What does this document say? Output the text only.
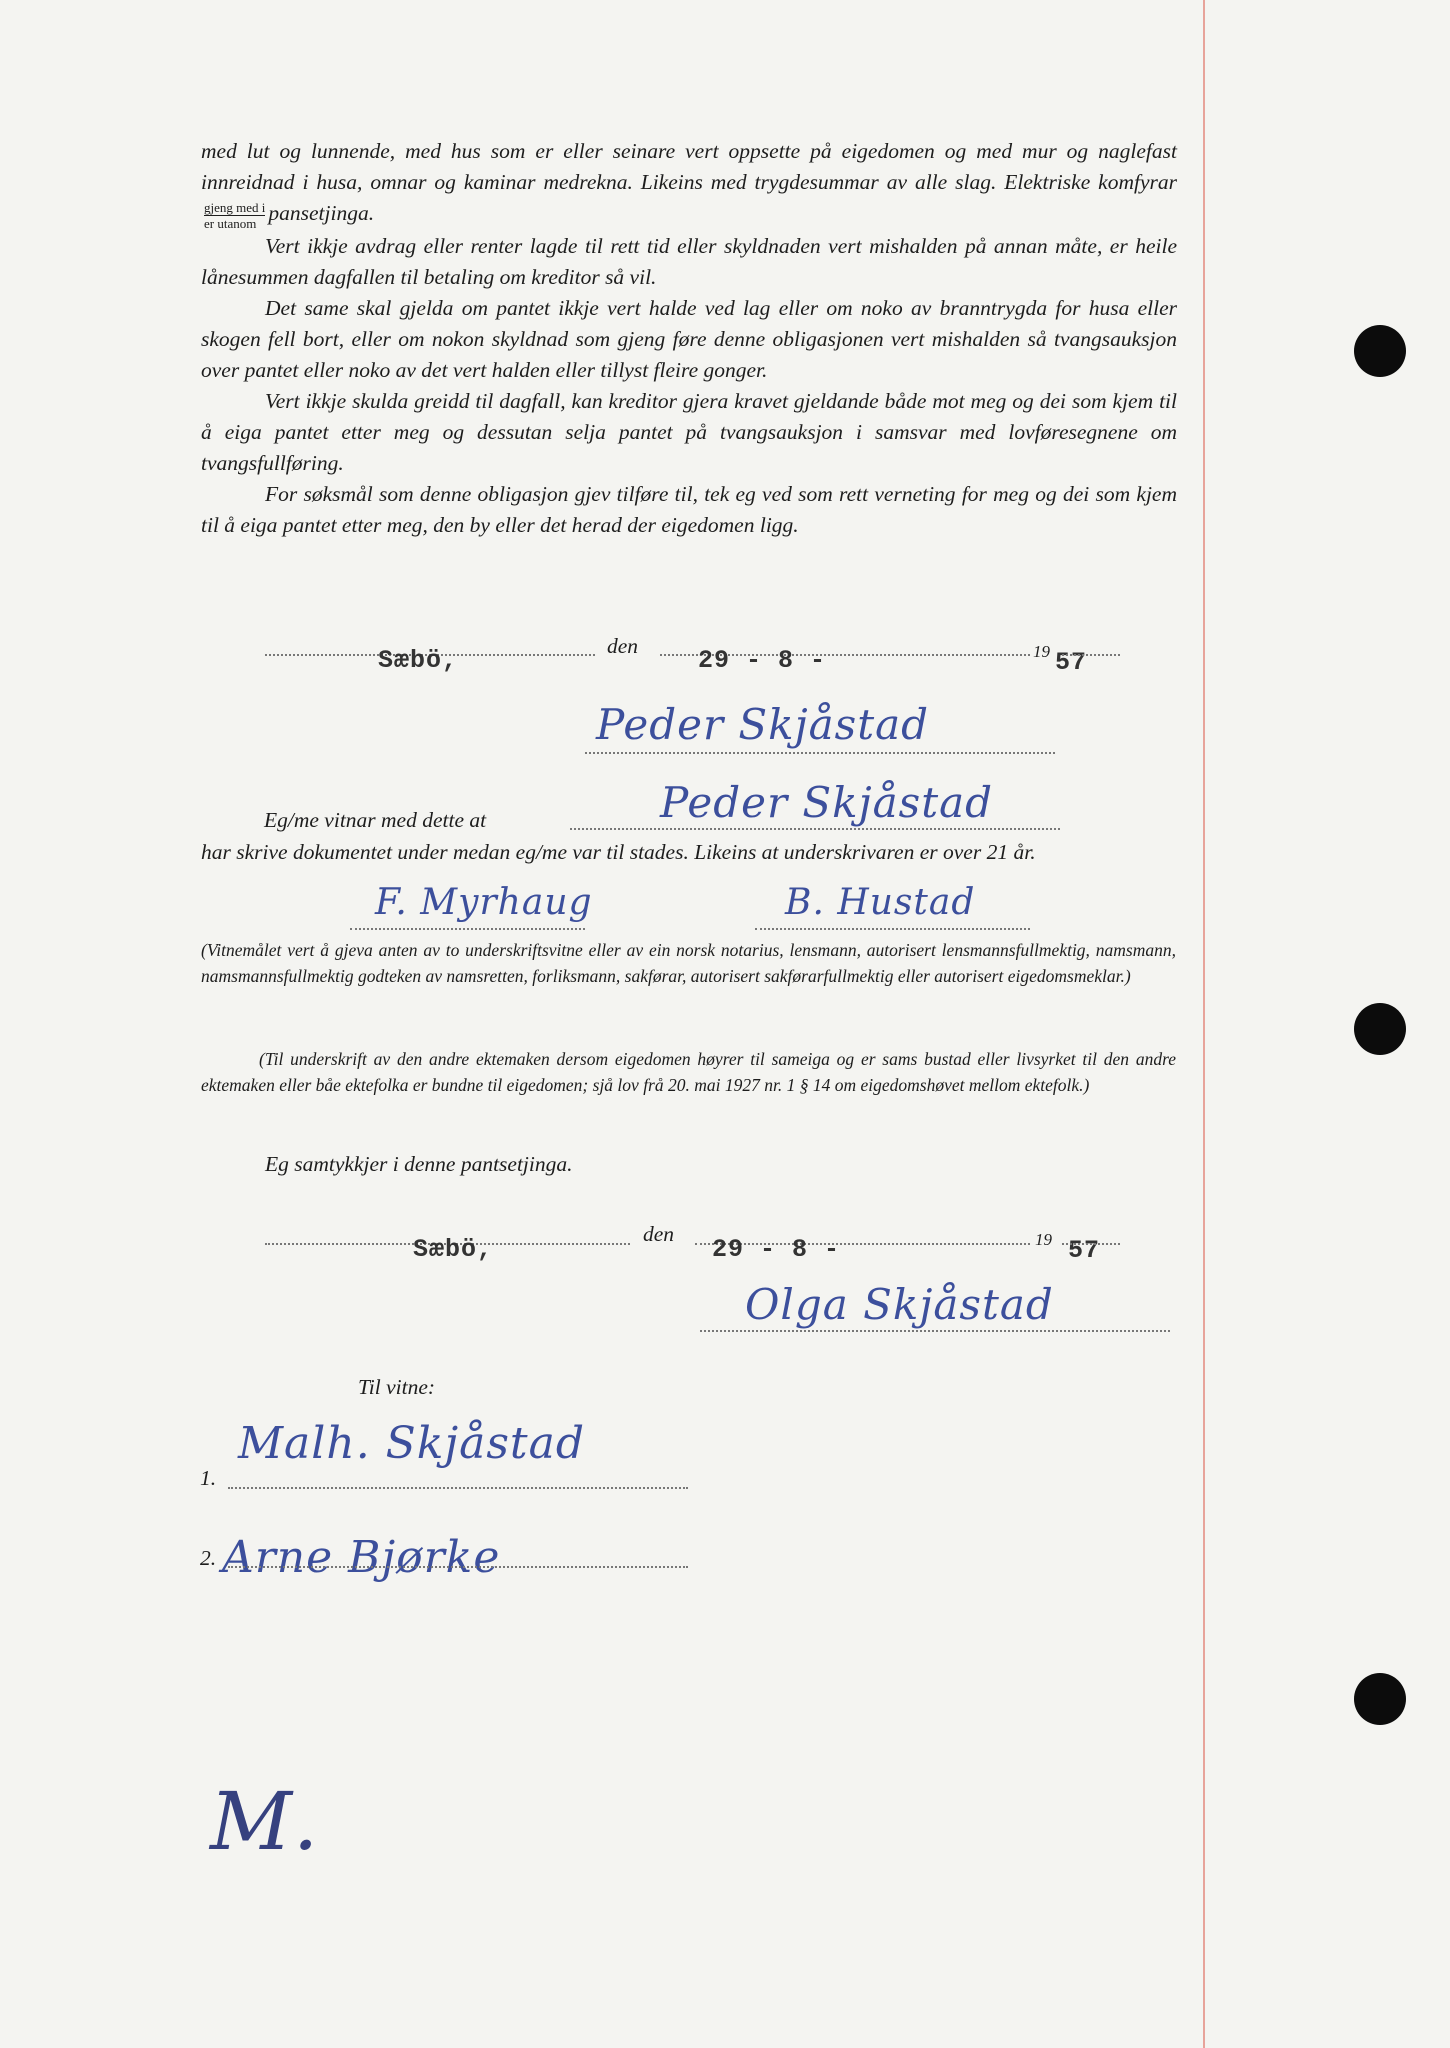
med lut og lunnende, med hus som er eller seinare vert oppsette på eigedomen og med mur og naglefast innreidnad i husa, omnar og kaminar medrekna. Likeins med trygdesummar av alle slag. Elektriske komfyrar
$\frac{\text{gjeng med i}}{\text{er utanom}}$ pansetjinga.

Vert ikkje avdrag eller renter lagde til rett tid eller skyldnaden vert mishalden på annan måte, er heile lånesummen dagfallen til betaling om kreditor så vil.

Det same skal gjelda om pantet ikkje vert halde ved lag eller om noko av branntrygda for husa eller skogen fell bort, eller om nokon skyldnad som gjeng føre denne obligasjonen vert mishalden så tvangsauksjon over pantet eller noko av det vert halden eller tillyst fleire gonger.

Vert ikkje skulda greidd til dagfall, kan kreditor gjera kravet gjeldande både mot meg og dei som kjem til å eiga pantet etter meg og dessutan selja pantet på tvangsauksjon i samsvar med lovføresegnene om tvangsfullføring.

For søksmål som denne obligasjon gjev tilføre til, tek eg ved som rett verneting for meg og dei som kjem til å eiga pantet etter meg, den by eller det herad der eigedomen ligg.

Sæbö,	den 29 - 8 -	19 57
Peder Skjåstad
Eg/me vitnar med dette at	Peder Skjåstad

har skrive dokumentet under medan eg/me var til stades. Likeins at underskrivaren er over 21 år.

F. Myrhaug	B. Hustad
(Vitnemålet vert å gjeva anten av to underskriftsvitne eller av ein norsk notarius, lensmann, autorisert lensmannsfullmektig, namsmann, namsmannsfullmektig godteken av namsretten, forliksmann, sakførar, autorisert sakførarfullmektig eller autorisert eigedomsmeklar.)
(Til underskrift av den andre ektemaken dersom eigedomen høyrer til sameiga og er sams bustad eller livsyrket til den andre ektemaken eller båe ektefolka er bundne til eigedomen; sjå lov frå 20. mai 1927 nr. 1 § 14 om eigedomshøvet mellom ektefolk.)
Eg samtykkjer i denne pantsetjinga.
Sæbö,
den
29 - 8 -	19 57
Olga Skjåstad
Til vitne:
1.
Malh. Skjåstad
2. Arne Bjørke
M.
